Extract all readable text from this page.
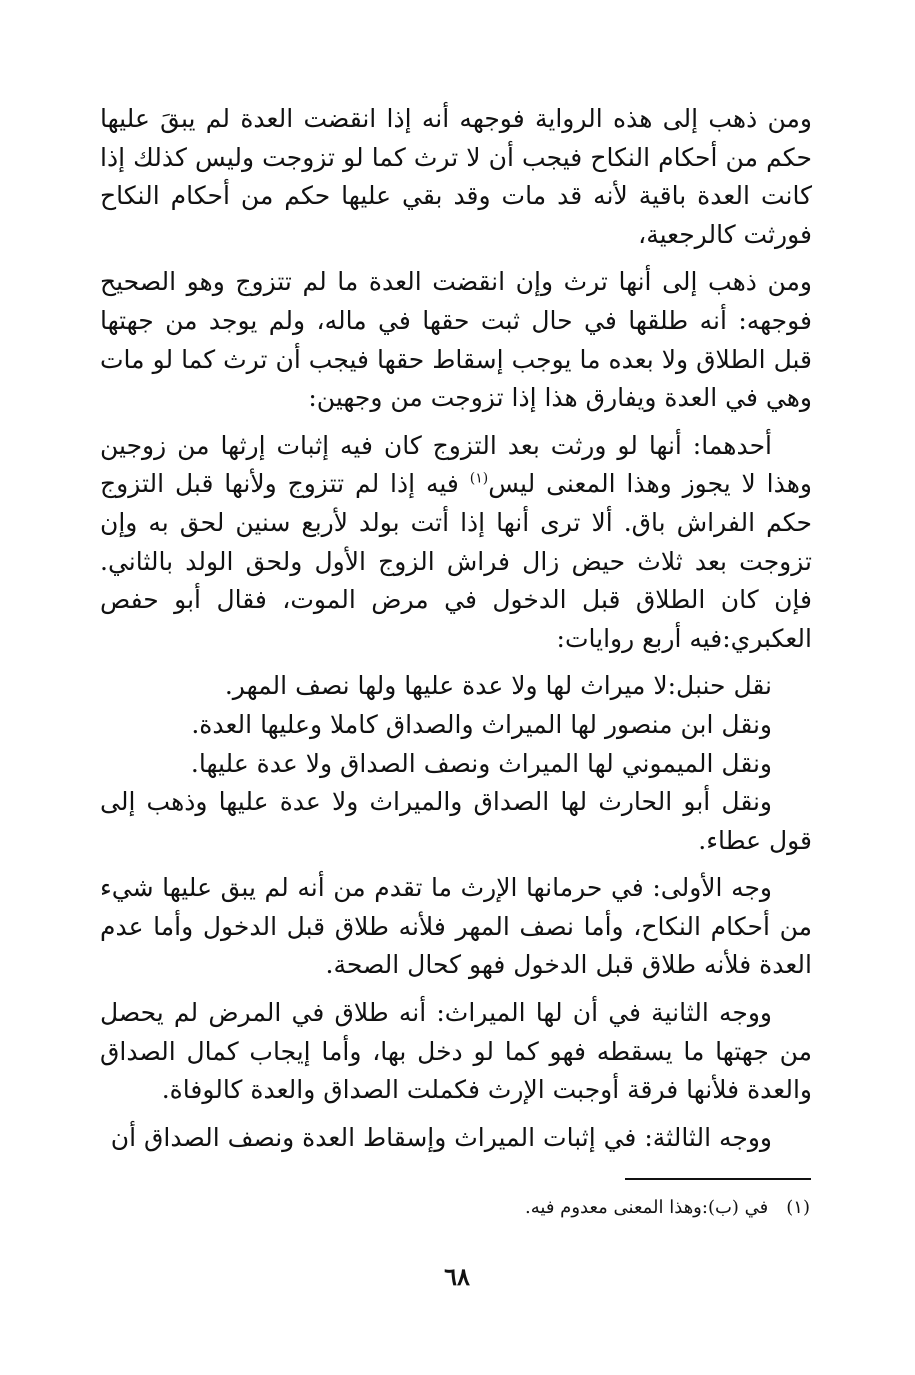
ومن ذهب إلى هذه الرواية فوجهه أنه إذا انقضت العدة لم يبقَ عليها حكم من أحكام النكاح فيجب أن لا ترث كما لو تزوجت وليس كذلك إذا كانت العدة باقية لأنه قد مات وقد بقي عليها حكم من أحكام النكاح فورثت كالرجعية،

ومن ذهب إلى أنها ترث وإن انقضت العدة ما لم تتزوج وهو الصحيح فوجهه: أنه طلقها في حال ثبت حقها في ماله، ولم يوجد من جهتها قبل الطلاق ولا بعده ما يوجب إسقاط حقها فيجب أن ترث كما لو مات وهي في العدة ويفارق هذا إذا تزوجت من وجهين:

أحدهما: أنها لو ورثت بعد التزوج كان فيه إثبات إرثها من زوجين وهذا لا يجوز وهذا المعنى ليس$^{(١)}$ فيه إذا لم تتزوج ولأنها قبل التزوج حكم الفراش باق. ألا ترى أنها إذا أتت بولد لأربع سنين لحق به وإن تزوجت بعد ثلاث حيض زال فراش الزوج الأول ولحق الولد بالثاني. فإن كان الطلاق قبل الدخول في مرض الموت، فقال أبو حفص العكبري:فيه أربع روايات:

نقل حنبل:لا ميراث لها ولا عدة عليها ولها نصف المهر.

ونقل ابن منصور لها الميراث والصداق كاملا وعليها العدة.

ونقل الميموني لها الميراث ونصف الصداق ولا عدة عليها.

ونقل أبو الحارث لها الصداق والميراث ولا عدة عليها وذهب إلى قول عطاء.

وجه الأولى: في حرمانها الإرث ما تقدم من أنه لم يبق عليها شيء من أحكام النكاح، وأما نصف المهر فلأنه طلاق قبل الدخول وأما عدم العدة فلأنه طلاق قبل الدخول فهو كحال الصحة.

ووجه الثانية في أن لها الميراث: أنه طلاق في المرض لم يحصل من جهتها ما يسقطه فهو كما لو دخل بها، وأما إيجاب كمال الصداق والعدة فلأنها فرقة أوجبت الإرث فكملت الصداق والعدة كالوفاة.

ووجه الثالثة: في إثبات الميراث وإسقاط العدة ونصف الصداق أن

(١)في (ب):وهذا المعنى معدوم فيه.
٦٨
